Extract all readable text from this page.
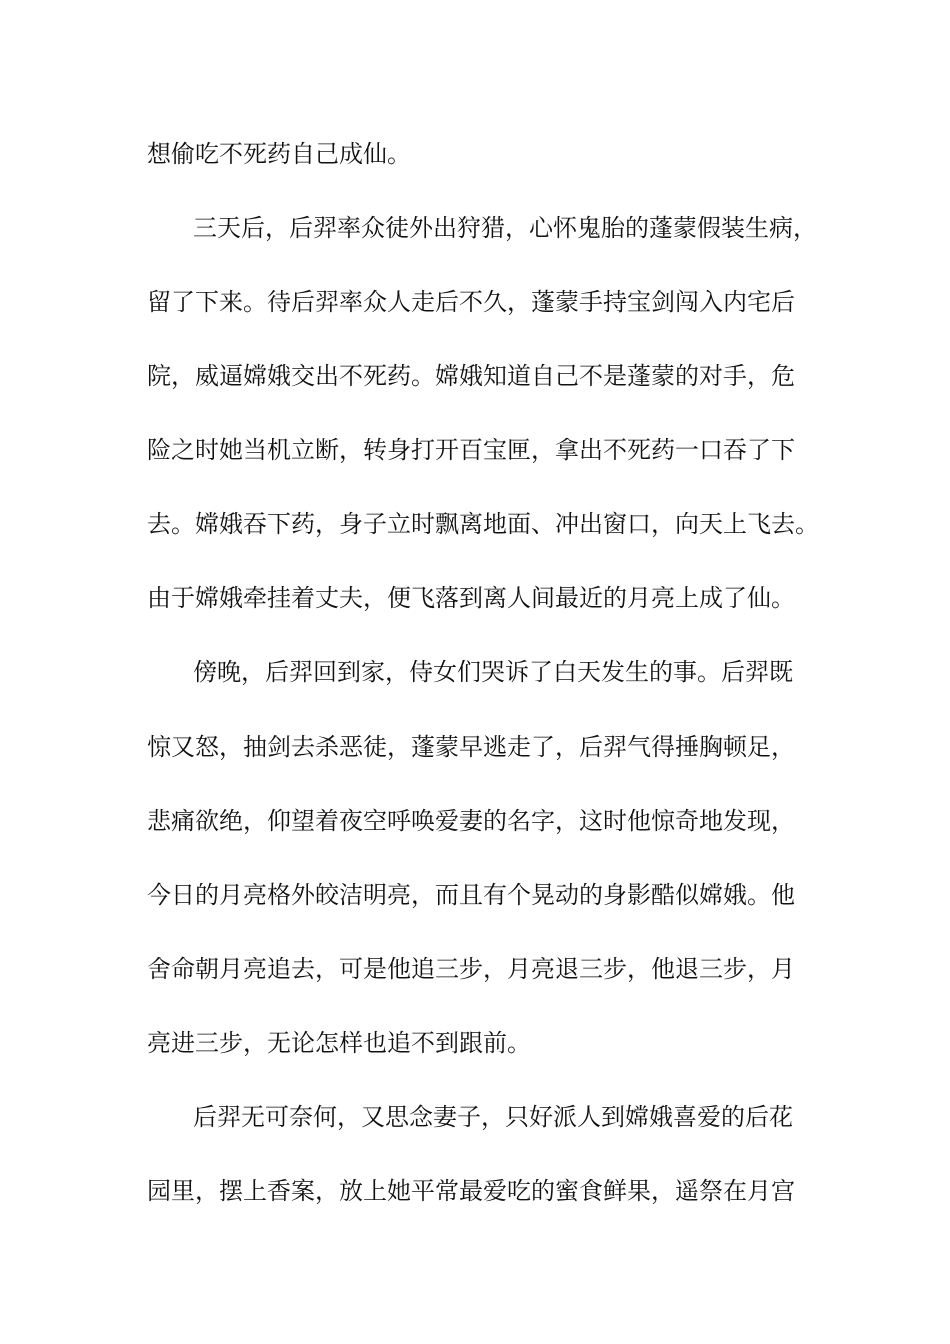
想偷吃不死药自己成仙。
三天后，后羿率众徒外出狩猎，心怀鬼胎的蓬蒙假装生病，
留了下来。待后羿率众人走后不久，蓬蒙手持宝剑闯入内宅后
院，威逼嫦娥交出不死药。嫦娥知道自己不是蓬蒙的对手，危
险之时她当机立断，转身打开百宝匣，拿出不死药一口吞了下
去。嫦娥吞下药，身子立时飘离地面、冲出窗口，向天上飞去。
由于嫦娥牵挂着丈夫，便飞落到离人间最近的月亮上成了仙。
傍晚，后羿回到家，侍女们哭诉了白天发生的事。后羿既
惊又怒，抽剑去杀恶徒，蓬蒙早逃走了，后羿气得捶胸顿足，
悲痛欲绝，仰望着夜空呼唤爱妻的名字，这时他惊奇地发现，
今日的月亮格外皎洁明亮，而且有个晃动的身影酷似嫦娥。他
舍命朝月亮追去，可是他追三步，月亮退三步，他退三步，月
亮进三步，无论怎样也追不到跟前。
后羿无可奈何，又思念妻子，只好派人到嫦娥喜爱的后花
园里，摆上香案，放上她平常最爱吃的蜜食鲜果，遥祭在月宫
